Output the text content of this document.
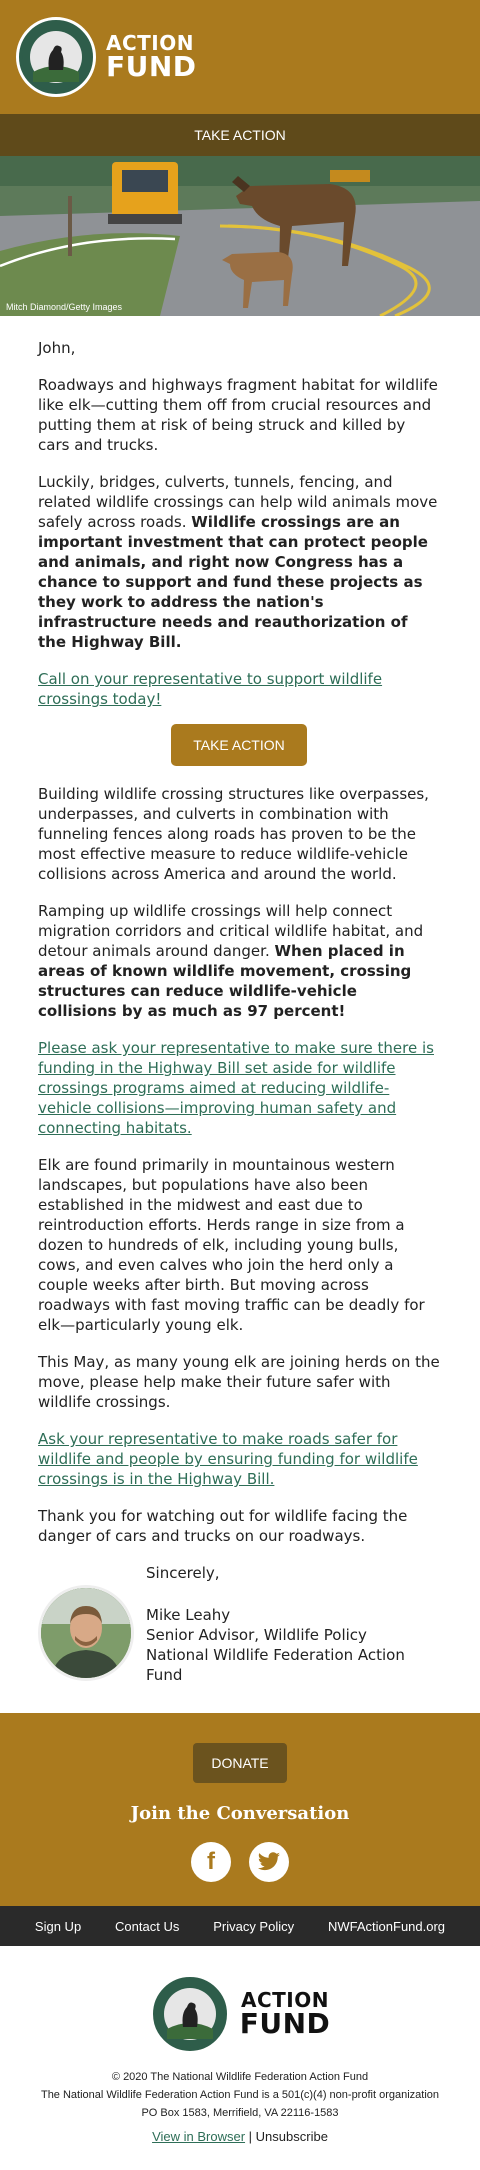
ACTION
FUND
TAKE ACTION
Mitch Diamond/Getty Images

John,

Roadways and highways fragment habitat for wildlife like elk—cutting them off from crucial resources and putting them at risk of being struck and killed by cars and trucks.

Luckily, bridges, culverts, tunnels, fencing, and related wildlife crossings can help wild animals move safely across roads. Wildlife crossings are an important investment that can protect people and animals, and right now Congress has a chance to support and fund these projects as they work to address the nation's infrastructure needs and reauthorization of the Highway Bill.

Call on your representative to support wildlife crossings today!

TAKE ACTION

Building wildlife crossing structures like overpasses, underpasses, and culverts in combination with funneling fences along roads has proven to be the most effective measure to reduce wildlife-vehicle collisions across America and around the world.

Ramping up wildlife crossings will help connect migration corridors and critical wildlife habitat, and detour animals around danger. When placed in areas of known wildlife movement, crossing structures can reduce wildlife-vehicle collisions by as much as 97 percent!

Please ask your representative to make sure there is funding in the Highway Bill set aside for wildlife crossings programs aimed at reducing wildlife-vehicle collisions—improving human safety and connecting habitats.

Elk are found primarily in mountainous western landscapes, but populations have also been established in the midwest and east due to reintroduction efforts. Herds range in size from a dozen to hundreds of elk, including young bulls, cows, and even calves who join the herd only a couple weeks after birth. But moving across roadways with fast moving traffic can be deadly for elk—particularly young elk.

This May, as many young elk are joining herds on the move, please help make their future safer with wildlife crossings.

Ask your representative to make roads safer for wildlife and people by ensuring funding for wildlife crossings is in the Highway Bill.

Thank you for watching out for wildlife facing the danger of cars and trucks on our roadways.

Sincerely,
Mike Leahy
Senior Advisor, Wildlife Policy
National Wildlife Federation Action Fund
DONATE
Join the Conversation
f
Sign Up	Contact Us	Privacy Policy	NWFActionFund.org
ACTION
FUND
© 2020 The National Wildlife Federation Action Fund
The National Wildlife Federation Action Fund is a 501(c)(4) non-profit organization
PO Box 1583, Merrifield, VA 22116-1583
View in Browser | Unsubscribe
